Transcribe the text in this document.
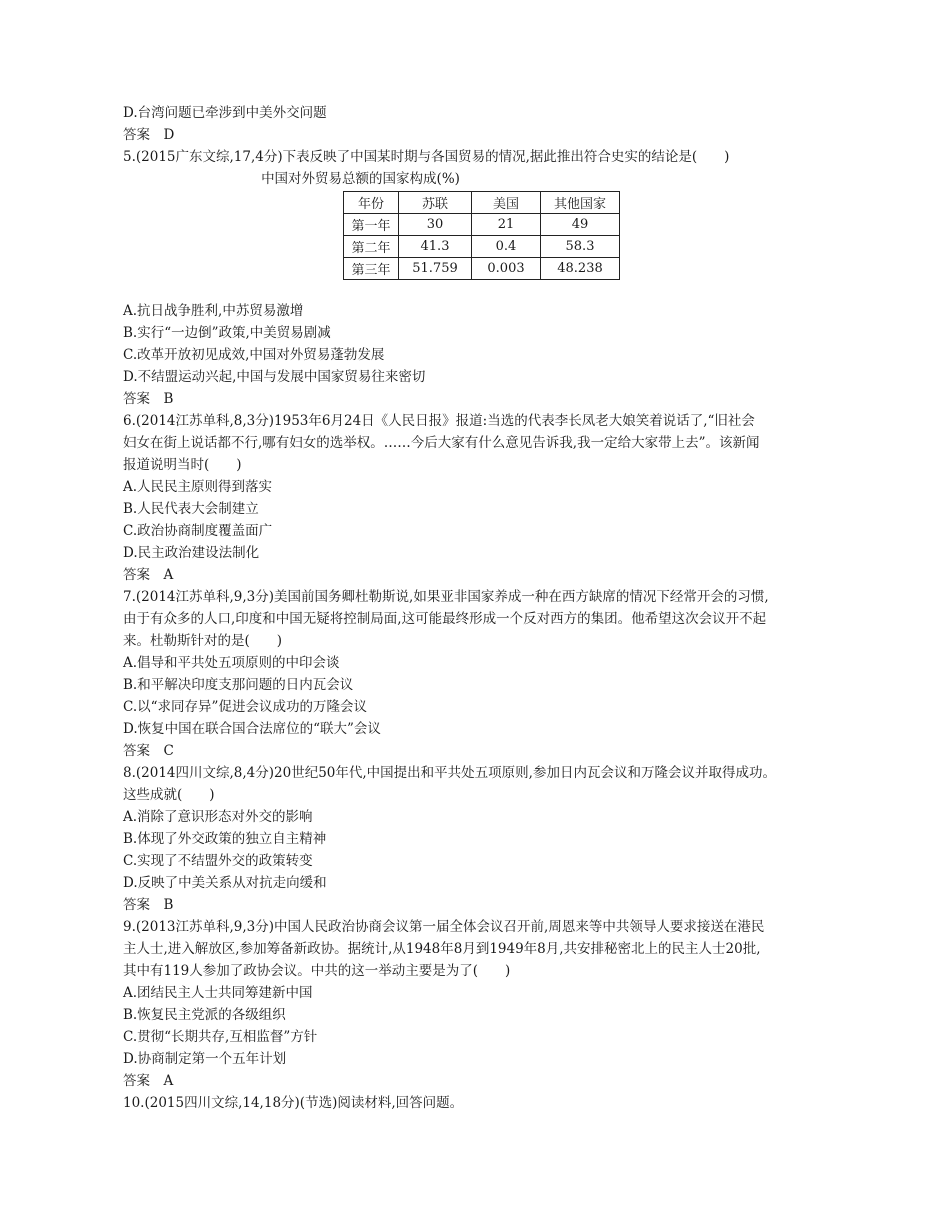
D.台湾问题已牵涉到中美外交问题
答案　D
5.(2015广东文综,17,4分)下表反映了中国某时期与各国贸易的情况,据此推出符合史实的结论是(　　)
中国对外贸易总额的国家构成(%)
年份	苏联	美国	其他国家
第一年	30	21	49
第二年	41.3	0.4	58.3
第三年	51.759	0.003	48.238
A.抗日战争胜利,中苏贸易激增
B.实行“一边倒”政策,中美贸易剧减
C.改革开放初见成效,中国对外贸易蓬勃发展
D.不结盟运动兴起,中国与发展中国家贸易往来密切
答案　B
6.(2014江苏单科,8,3分)1953年6月24日《人民日报》报道:当选的代表李长凤老大娘笑着说话了,“旧社会
妇女在街上说话都不行,哪有妇女的选举权。……今后大家有什么意见告诉我,我一定给大家带上去”。该新闻
报道说明当时(　　)
A.人民民主原则得到落实
B.人民代表大会制建立
C.政治协商制度覆盖面广
D.民主政治建设法制化
答案　A
7.(2014江苏单科,9,3分)美国前国务卿杜勒斯说,如果亚非国家养成一种在西方缺席的情况下经常开会的习惯,
由于有众多的人口,印度和中国无疑将控制局面,这可能最终形成一个反对西方的集团。他希望这次会议开不起
来。杜勒斯针对的是(　　)
A.倡导和平共处五项原则的中印会谈
B.和平解决印度支那问题的日内瓦会议
C.以“求同存异”促进会议成功的万隆会议
D.恢复中国在联合国合法席位的“联大”会议
答案　C
8.(2014四川文综,8,4分)20世纪50年代,中国提出和平共处五项原则,参加日内瓦会议和万隆会议并取得成功。
这些成就(　　)
A.消除了意识形态对外交的影响
B.体现了外交政策的独立自主精神
C.实现了不结盟外交的政策转变
D.反映了中美关系从对抗走向缓和
答案　B
9.(2013江苏单科,9,3分)中国人民政治协商会议第一届全体会议召开前,周恩来等中共领导人要求接送在港民
主人士,进入解放区,参加筹备新政协。据统计,从1948年8月到1949年8月,共安排秘密北上的民主人士20批,
其中有119人参加了政协会议。中共的这一举动主要是为了(　　)
A.团结民主人士共同筹建新中国
B.恢复民主党派的各级组织
C.贯彻“长期共存,互相监督”方针
D.协商制定第一个五年计划
答案　A
10.(2015四川文综,14,18分)(节选)阅读材料,回答问题。
